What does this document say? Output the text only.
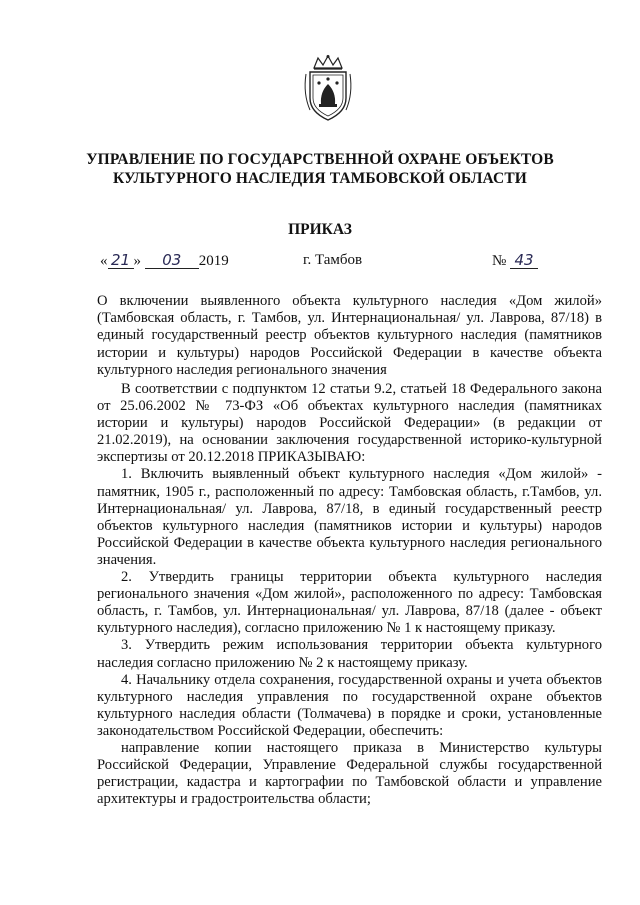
УПРАВЛЕНИЕ ПО ГОСУДАРСТВЕННОЙ ОХРАНЕ ОБЪЕКТОВ
КУЛЬТУРНОГО НАСЛЕДИЯ ТАМБОВСКОЙ ОБЛАСТИ
ПРИКАЗ
« 21 » 03 2019	г. Тамбов	№ 43
О включении выявленного объекта культурного наследия «Дом жилой» (Тамбовская область, г. Тамбов, ул. Интернациональная/ ул. Лаврова, 87/18) в единый государственный реестр объектов культурного наследия (памятников истории и культуры) народов Российской Федерации в качестве объекта культурного наследия регионального значения

В соответствии с подпунктом 12 статьи 9.2, статьей 18 Федерального закона от 25.06.2002 № 73-ФЗ «Об объектах культурного наследия (памятниках истории и культуры) народов Российской Федерации» (в редакции от 21.02.2019), на основании заключения государственной историко-культурной экспертизы от 20.12.2018 ПРИКАЗЫВАЮ:

1. Включить выявленный объект культурного наследия «Дом жилой» - памятник, 1905 г., расположенный по адресу: Тамбовская область, г.Тамбов, ул. Интернациональная/ ул. Лаврова, 87/18, в единый государственный реестр объектов культурного наследия (памятников истории и культуры) народов Российской Федерации в качестве объекта культурного наследия регионального значения.

2. Утвердить границы территории объекта культурного наследия регионального значения «Дом жилой», расположенного по адресу: Тамбовская область, г. Тамбов, ул. Интернациональная/ ул. Лаврова, 87/18 (далее - объект культурного наследия), согласно приложению № 1 к настоящему приказу.

3. Утвердить режим использования территории объекта культурного наследия согласно приложению № 2 к настоящему приказу.

4. Начальнику отдела сохранения, государственной охраны и учета объектов культурного наследия управления по государственной охране объектов культурного наследия области (Толмачева) в порядке и сроки, установленные законодательством Российской Федерации, обеспечить:

направление копии настоящего приказа в Министерство культуры Российской Федерации, Управление Федеральной службы государственной регистрации, кадастра и картографии по Тамбовской области и управление архитектуры и градостроительства области;
